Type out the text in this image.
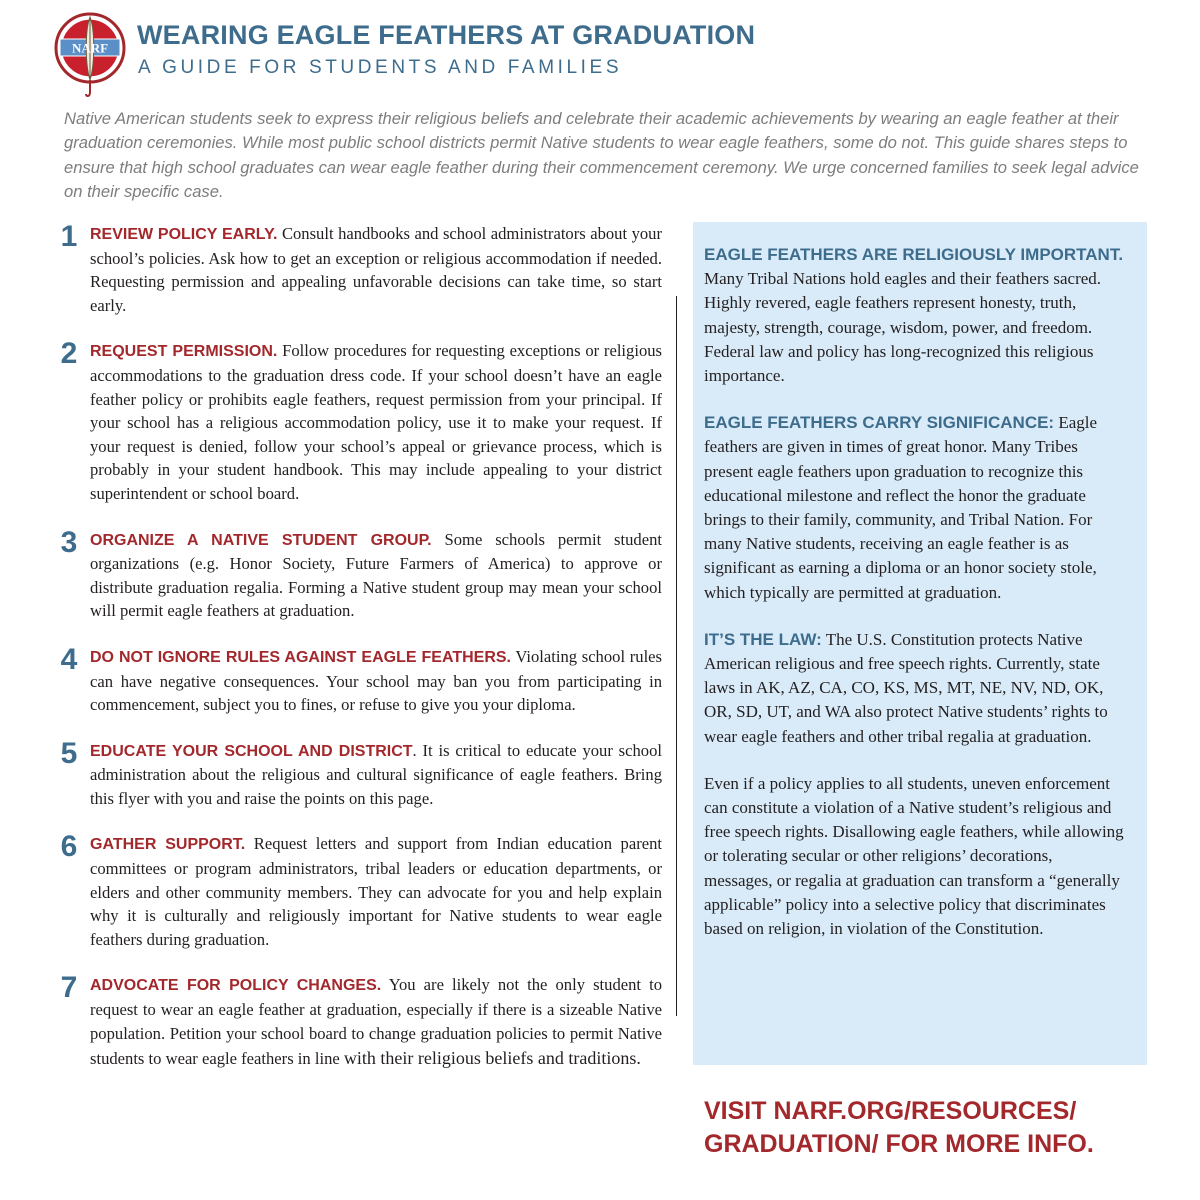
NARF WEARING EAGLE FEATHERS AT GRADUATION
A GUIDE FOR STUDENTS AND FAMILIES

Native American students seek to express their religious beliefs and celebrate their academic achievements by wearing an eagle feather at their graduation ceremonies. While most public school districts permit Native students to wear eagle feathers, some do not. This guide shares steps to ensure that high school graduates can wear eagle feather during their commencement ceremony. We urge concerned families to seek legal advice on their specific case.

1 REVIEW POLICY EARLY. Consult handbooks and school administrators about your school’s policies. Ask how to get an exception or religious accommodation if needed. Requesting permission and appealing unfavorable decisions can take time, so start early.

2 REQUEST PERMISSION. Follow procedures for requesting exceptions or religious accommodations to the graduation dress code. If your school doesn’t have an eagle feather policy or prohibits eagle feathers, request permission from your principal. If your school has a religious accommodation policy, use it to make your request. If your request is denied, follow your school’s appeal or grievance process, which is probably in your student handbook. This may include appealing to your district superintendent or school board.

3 ORGANIZE A NATIVE STUDENT GROUP. Some schools permit student organizations (e.g. Honor Society, Future Farmers of America) to approve or distribute graduation regalia. Forming a Native student group may mean your school will permit eagle feathers at graduation.

4 DO NOT IGNORE RULES AGAINST EAGLE FEATHERS. Violating school rules can have negative consequences. Your school may ban you from participating in commencement, subject you to fines, or refuse to give you your diploma.

5 EDUCATE YOUR SCHOOL AND DISTRICT. It is critical to educate your school administration about the religious and cultural significance of eagle feathers. Bring this flyer with you and raise the points on this page.

6 GATHER SUPPORT. Request letters and support from Indian education parent committees or program administrators, tribal leaders or education departments, or elders and other community members. They can advocate for you and help explain why it is culturally and religiously important for Native students to wear eagle feathers during graduation.

7 ADVOCATE FOR POLICY CHANGES. You are likely not the only student to request to wear an eagle feather at graduation, especially if there is a sizeable Native population. Petition your school board to change graduation policies to permit Native students to wear eagle feathers in line with their religious beliefs and traditions.

EAGLE FEATHERS ARE RELIGIOUSLY IMPORTANT. Many Tribal Nations hold eagles and their feathers sacred. Highly revered, eagle feathers represent honesty, truth, majesty, strength, courage, wisdom, power, and freedom. Federal law and policy has long-recognized this religious importance.

EAGLE FEATHERS CARRY SIGNIFICANCE: Eagle feathers are given in times of great honor. Many Tribes present eagle feathers upon graduation to recognize this educational milestone and reflect the honor the graduate brings to their family, community, and Tribal Nation. For many Native students, receiving an eagle feather is as significant as earning a diploma or an honor society stole, which typically are permitted at graduation.

IT’S THE LAW: The U.S. Constitution protects Native American religious and free speech rights. Currently, state laws in AK, AZ, CA, CO, KS, MS, MT, NE, NV, ND, OK, OR, SD, UT, and WA also protect Native students’ rights to wear eagle feathers and other tribal regalia at graduation.

Even if a policy applies to all students, uneven enforcement can constitute a violation of a Native student’s religious and free speech rights. Disallowing eagle feathers, while allowing or tolerating secular or other religions’ decorations, messages, or regalia at graduation can transform a “generally applicable” policy into a selective policy that discriminates based on religion, in violation of the Constitution.

VISIT NARF.ORG/RESOURCES/
GRADUATION/ FOR MORE INFO.
